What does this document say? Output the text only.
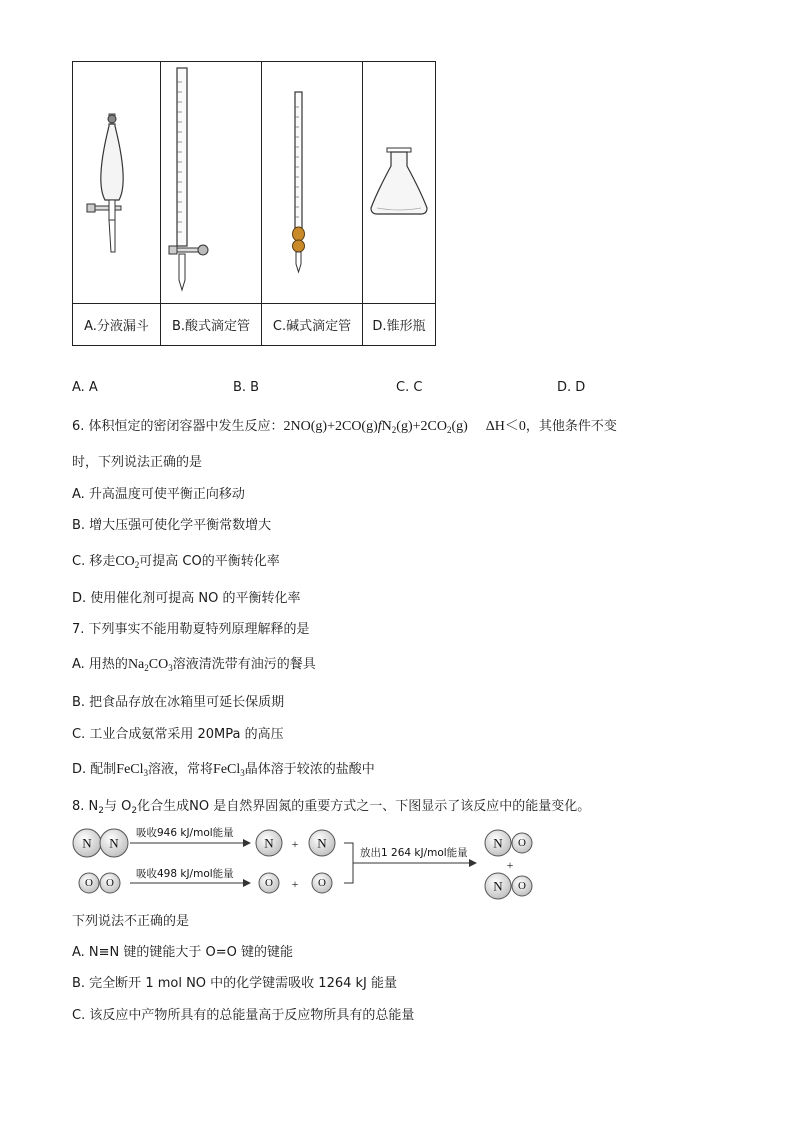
A.分液漏斗	B.酸式滴定管	C.碱式滴定管	D.锥形瓶
A. A	B. B	C. C	D. D
6. 体积恒定的密闭容器中发生反应：$2NO(g)+2CO(g)fN_2(g)+2CO_2(g)$ ΔH＜0，其他条件不变
时，下列说法正确的是
A. 升高温度可使平衡正向移动
B. 增大压强可使化学平衡常数增大
C. 移走$CO_2$可提高 CO的平衡转化率
D. 使用催化剂可提高 NO 的平衡转化率
7. 下列事实不能用勒夏特列原理解释的是
A. 用热的$Na_2CO_3$溶液清洗带有油污的餐具
B. 把食品存放在冰箱里可延长保质期
C. 工业合成氨常采用 20MPa 的高压
D. 配制FeCl$_3$溶液，常将FeCl$_3$晶体溶于较浓的盐酸中
8. $N_2$与 $O_2$化合生成NO 是自然界固氮的重要方式之一、下图显示了该反应中的能量变化。
N N
吸收946 kJ/mol能量
N + N
O O
吸收498 kJ/mol能量
O + O
放出1 264 kJ/mol能量
N O
+
N O
下列说法不正确的是
A. N≡N 键的键能大于 O=O 键的键能
B. 完全断开 1 mol NO 中的化学键需吸收 1264 kJ 能量
C. 该反应中产物所具有的总能量高于反应物所具有的总能量
